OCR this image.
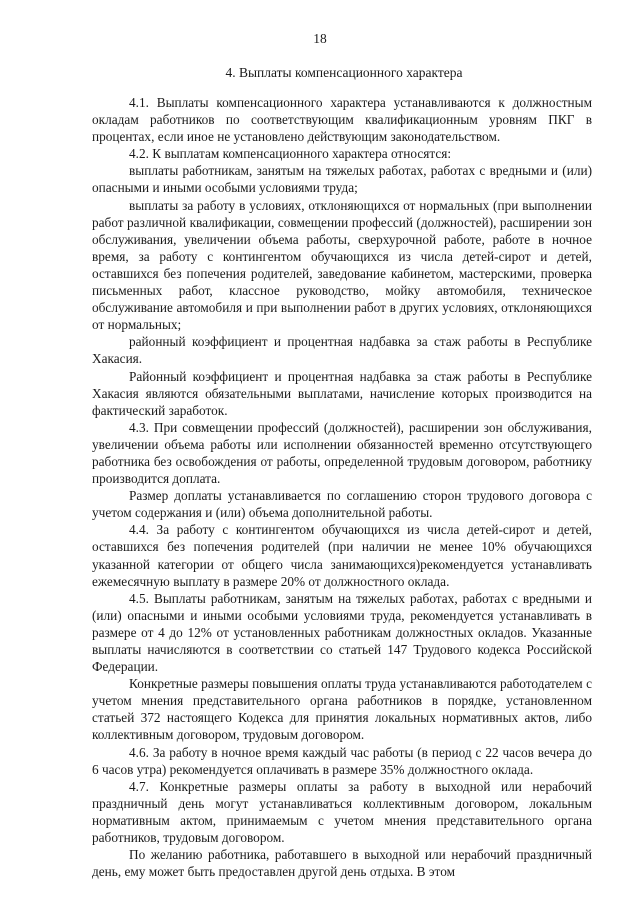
18
4. Выплаты компенсационного характера

4.1. Выплаты компенсационного характера устанавливаются к должностным окладам работников по соответствующим квалификационным уровням ПКГ в процентах, если иное не установлено действующим законодательством.

4.2. К выплатам компенсационного характера относятся:

выплаты работникам, занятым на тяжелых работах, работах с вредными и (или) опасными и иными особыми условиями труда;

выплаты за работу в условиях, отклоняющихся от нормальных (при выполнении работ различной квалификации, совмещении профессий (должностей), расширении зон обслуживания, увеличении объема работы, сверхурочной работе, работе в ночное время, за работу с контингентом обучающихся из числа детей-сирот и детей, оставшихся без попечения родителей, заведование кабинетом, мастерскими, проверка письменных работ, классное руководство, мойку автомобиля, техническое обслуживание автомобиля и при выполнении работ в других условиях, отклоняющихся от нормальных;

районный коэффициент и процентная надбавка за стаж работы в Республике Хакасия.

Районный коэффициент и процентная надбавка за стаж работы в Республике Хакасия являются обязательными выплатами, начисление которых производится на фактический заработок.

4.3. При совмещении профессий (должностей), расширении зон обслуживания, увеличении объема работы или исполнении обязанностей временно отсутствующего работника без освобождения от работы, определенной трудовым договором, работнику производится доплата.

Размер доплаты устанавливается по соглашению сторон трудового договора с учетом содержания и (или) объема дополнительной работы.

4.4. За работу с контингентом обучающихся из числа детей-сирот и детей, оставшихся без попечения родителей (при наличии не менее 10% обучающихся указанной категории от общего числа занимающихся)рекомендуется устанавливать ежемесячную выплату в размере 20% от должностного оклада.

4.5. Выплаты работникам, занятым на тяжелых работах, работах с вредными и (или) опасными и иными особыми условиями труда, рекомендуется устанавливать в размере от 4 до 12% от установленных работникам должностных окладов. Указанные выплаты начисляются в соответствии со статьей 147 Трудового кодекса Российской Федерации.

Конкретные размеры повышения оплаты труда устанавливаются работодателем с учетом мнения представительного органа работников в порядке, установленном статьей 372 настоящего Кодекса для принятия локальных нормативных актов, либо коллективным договором, трудовым договором.

4.6. За работу в ночное время каждый час работы (в период с 22 часов вечера до 6 часов утра) рекомендуется оплачивать в размере 35% должностного оклада.

4.7. Конкретные размеры оплаты за работу в выходной или нерабочий праздничный день могут устанавливаться коллективным договором, локальным нормативным актом, принимаемым с учетом мнения представительного органа работников, трудовым договором.

По желанию работника, работавшего в выходной или нерабочий праздничный день, ему может быть предоставлен другой день отдыха. В этом
